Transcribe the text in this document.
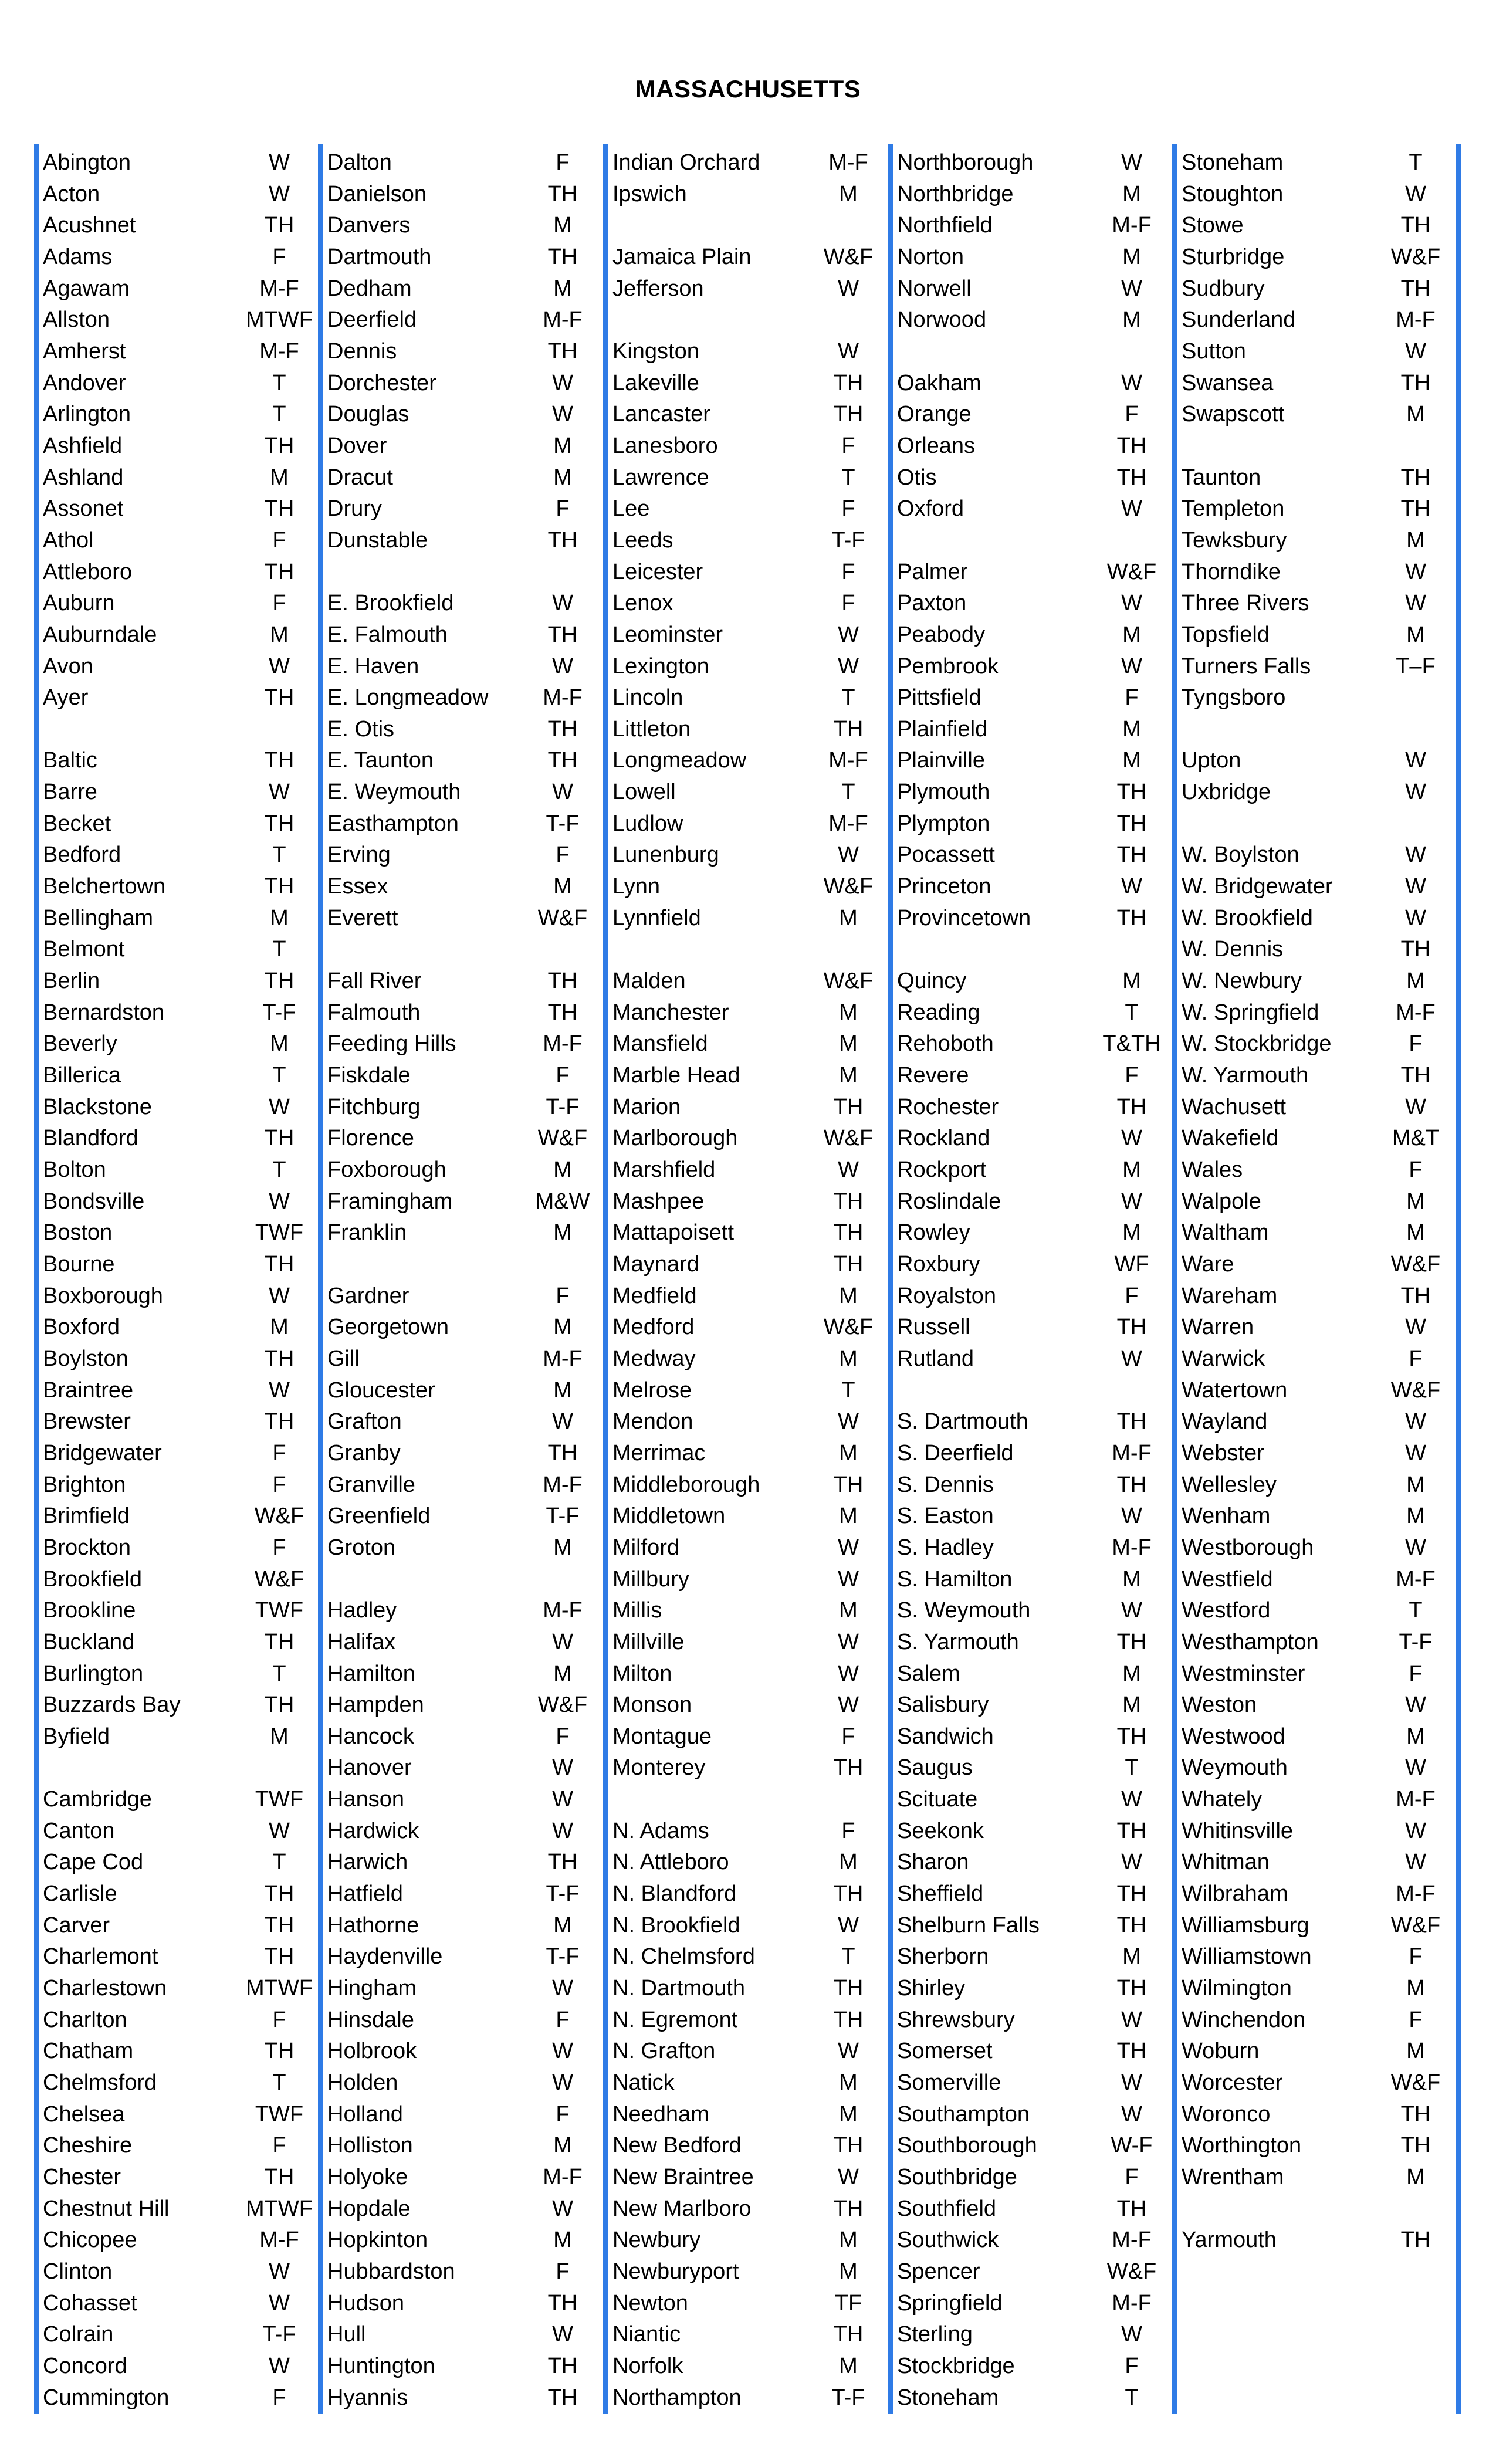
MASSACHUSETTS
Abington	W
Acton	W
Acushnet	TH
Adams	F
Agawam	M-F
Allston	MTWF
Amherst	M-F
Andover	T
Arlington	T
Ashfield	TH
Ashland	M
Assonet	TH
Athol	F
Attleboro	TH
Auburn	F
Auburndale	M
Avon	W
Ayer	TH
Baltic	TH
Barre	W
Becket	TH
Bedford	T
Belchertown	TH
Bellingham	M
Belmont	T
Berlin	TH
Bernardston	T-F
Beverly	M
Billerica	T
Blackstone	W
Blandford	TH
Bolton	T
Bondsville	W
Boston	TWF
Bourne	TH
Boxborough	W
Boxford	M
Boylston	TH
Braintree	W
Brewster	TH
Bridgewater	F
Brighton	F
Brimfield	W&F
Brockton	F
Brookfield	W&F
Brookline	TWF
Buckland	TH
Burlington	T
Buzzards Bay	TH
Byfield	M
Cambridge	TWF
Canton	W
Cape Cod	T
Carlisle	TH
Carver	TH
Charlemont	TH
Charlestown	MTWF
Charlton	F
Chatham	TH
Chelmsford	T
Chelsea	TWF
Cheshire	F
Chester	TH
Chestnut Hill	MTWF
Chicopee	M-F
Clinton	W
Cohasset	W
Colrain	T-F
Concord	W
Cummington	F
Dalton	F
Danielson	TH
Danvers	M
Dartmouth	TH
Dedham	M
Deerfield	M-F
Dennis	TH
Dorchester	W
Douglas	W
Dover	M
Dracut	M
Drury	F
Dunstable	TH
E. Brookfield	W
E. Falmouth	TH
E. Haven	W
E. Longmeadow	M-F
E. Otis	TH
E. Taunton	TH
E. Weymouth	W
Easthampton	T-F
Erving	F
Essex	M
Everett	W&F
Fall River	TH
Falmouth	TH
Feeding Hills	M-F
Fiskdale	F
Fitchburg	T-F
Florence	W&F
Foxborough	M
Framingham	M&W
Franklin	M
Gardner	F
Georgetown	M
Gill	M-F
Gloucester	M
Grafton	W
Granby	TH
Granville	M-F
Greenfield	T-F
Groton	M
Hadley	M-F
Halifax	W
Hamilton	M
Hampden	W&F
Hancock	F
Hanover	W
Hanson	W
Hardwick	W
Harwich	TH
Hatfield	T-F
Hathorne	M
Haydenville	T-F
Hingham	W
Hinsdale	F
Holbrook	W
Holden	W
Holland	F
Holliston	M
Holyoke	M-F
Hopdale	W
Hopkinton	M
Hubbardston	F
Hudson	TH
Hull	W
Huntington	TH
Hyannis	TH
Indian Orchard	M-F
Ipswich	M
Jamaica Plain	W&F
Jefferson	W
Kingston	W
Lakeville	TH
Lancaster	TH
Lanesboro	F
Lawrence	T
Lee	F
Leeds	T-F
Leicester	F
Lenox	F
Leominster	W
Lexington	W
Lincoln	T
Littleton	TH
Longmeadow	M-F
Lowell	T
Ludlow	M-F
Lunenburg	W
Lynn	W&F
Lynnfield	M
Malden	W&F
Manchester	M
Mansfield	M
Marble Head	M
Marion	TH
Marlborough	W&F
Marshfield	W
Mashpee	TH
Mattapoisett	TH
Maynard	TH
Medfield	M
Medford	W&F
Medway	M
Melrose	T
Mendon	W
Merrimac	M
Middleborough	TH
Middletown	M
Milford	W
Millbury	W
Millis	M
Millville	W
Milton	W
Monson	W
Montague	F
Monterey	TH
N. Adams	F
N. Attleboro	M
N. Blandford	TH
N. Brookfield	W
N. Chelmsford	T
N. Dartmouth	TH
N. Egremont	TH
N. Grafton	W
Natick	M
Needham	M
New Bedford	TH
New Braintree	W
New Marlboro	TH
Newbury	M
Newburyport	M
Newton	TF
Niantic	TH
Norfolk	M
Northampton	T-F
Northborough	W
Northbridge	M
Northfield	M-F
Norton	M
Norwell	W
Norwood	M
Oakham	W
Orange	F
Orleans	TH
Otis	TH
Oxford	W
Palmer	W&F
Paxton	W
Peabody	M
Pembrook	W
Pittsfield	F
Plainfield	M
Plainville	M
Plymouth	TH
Plympton	TH
Pocassett	TH
Princeton	W
Provincetown	TH
Quincy	M
Reading	T
Rehoboth	T&TH
Revere	F
Rochester	TH
Rockland	W
Rockport	M
Roslindale	W
Rowley	M
Roxbury	WF
Royalston	F
Russell	TH
Rutland	W
S. Dartmouth	TH
S. Deerfield	M-F
S. Dennis	TH
S. Easton	W
S. Hadley	M-F
S. Hamilton	M
S. Weymouth	W
S. Yarmouth	TH
Salem	M
Salisbury	M
Sandwich	TH
Saugus	T
Scituate	W
Seekonk	TH
Sharon	W
Sheffield	TH
Shelburn Falls	TH
Sherborn	M
Shirley	TH
Shrewsbury	W
Somerset	TH
Somerville	W
Southampton	W
Southborough	W-F
Southbridge	F
Southfield	TH
Southwick	M-F
Spencer	W&F
Springfield	M-F
Sterling	W
Stockbridge	F
Stoneham	T
Stoneham	T
Stoughton	W
Stowe	TH
Sturbridge	W&F
Sudbury	TH
Sunderland	M-F
Sutton	W
Swansea	TH
Swapscott	M
Taunton	TH
Templeton	TH
Tewksbury	M
Thorndike	W
Three Rivers	W
Topsfield	M
Turners Falls	T–F
Tyngsboro
Upton	W
Uxbridge	W
W. Boylston	W
W. Bridgewater	W
W. Brookfield	W
W. Dennis	TH
W. Newbury	M
W. Springfield	M-F
W. Stockbridge	F
W. Yarmouth	TH
Wachusett	W
Wakefield	M&T
Wales	F
Walpole	M
Waltham	M
Ware	W&F
Wareham	TH
Warren	W
Warwick	F
Watertown	W&F
Wayland	W
Webster	W
Wellesley	M
Wenham	M
Westborough	W
Westfield	M-F
Westford	T
Westhampton	T-F
Westminster	F
Weston	W
Westwood	M
Weymouth	W
Whately	M-F
Whitinsville	W
Whitman	W
Wilbraham	M-F
Williamsburg	W&F
Williamstown	F
Wilmington	M
Winchendon	F
Woburn	M
Worcester	W&F
Woronco	TH
Worthington	TH
Wrentham	M
Yarmouth	TH
